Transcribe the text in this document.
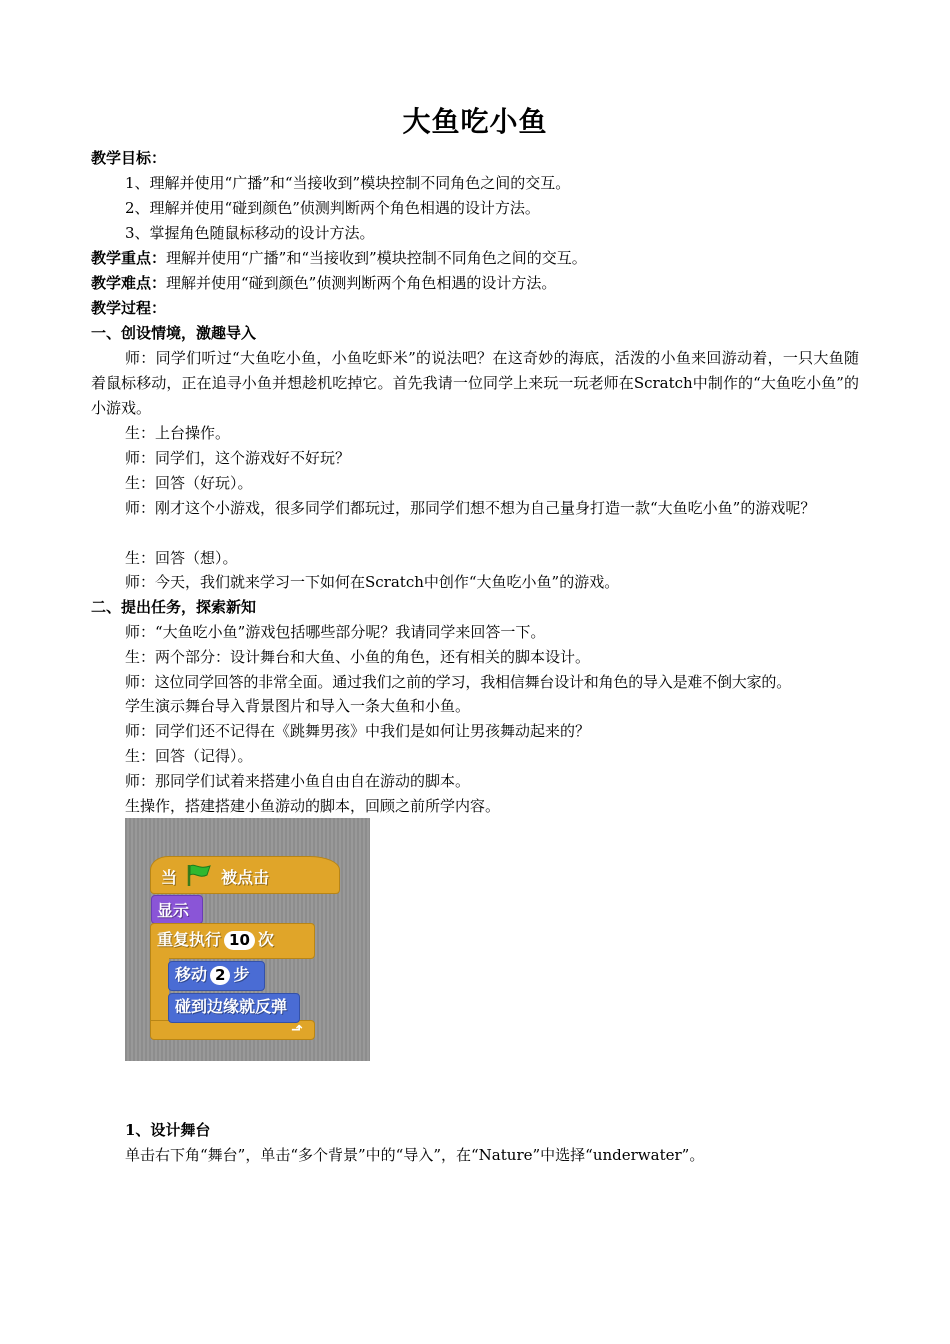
大鱼吃小鱼
教学目标：
1、理解并使用“广播”和“当接收到”模块控制不同角色之间的交互。
2、理解并使用“碰到颜色”侦测判断两个角色相遇的设计方法。
3、掌握角色随鼠标移动的设计方法。
教学重点：理解并使用“广播”和“当接收到”模块控制不同角色之间的交互。
教学难点：理解并使用“碰到颜色”侦测判断两个角色相遇的设计方法。
教学过程：
一、创设情境，激趣导入
师：同学们听过“大鱼吃小鱼，小鱼吃虾米”的说法吧？在这奇妙的海底，活泼的小鱼来回游动着，一只大鱼随着鼠标移动，正在追寻小鱼并想趁机吃掉它。首先我请一位同学上来玩一玩老师在Scratch中制作的“大鱼吃小鱼”的小游戏。
生：上台操作。
师：同学们，这个游戏好不好玩？
生：回答（好玩）。
师：刚才这个小游戏，很多同学们都玩过，那同学们想不想为自己量身打造一款“大鱼吃小鱼”的游戏呢？
生：回答（想）。
师：今天，我们就来学习一下如何在Scratch中创作“大鱼吃小鱼”的游戏。
二、提出任务，探索新知
师：“大鱼吃小鱼”游戏包括哪些部分呢？我请同学来回答一下。
生：两个部分：设计舞台和大鱼、小鱼的角色，还有相关的脚本设计。
师：这位同学回答的非常全面。通过我们之前的学习，我相信舞台设计和角色的导入是难不倒大家的。
学生演示舞台导入背景图片和导入一条大鱼和小鱼。
师：同学们还不记得在《跳舞男孩》中我们是如何让男孩舞动起来的？
生：回答（记得）。
师：那同学们试着来搭建小鱼自由自在游动的脚本。
生操作，搭建搭建小鱼游动的脚本，回顾之前所学内容。
当	被点击
显示
重复执行 10 次
移动 2 步
碰到边缘就反弹
⬏
1、设计舞台
单击右下角“舞台”，单击“多个背景”中的“导入”，在“Nature”中选择“underwater”。
